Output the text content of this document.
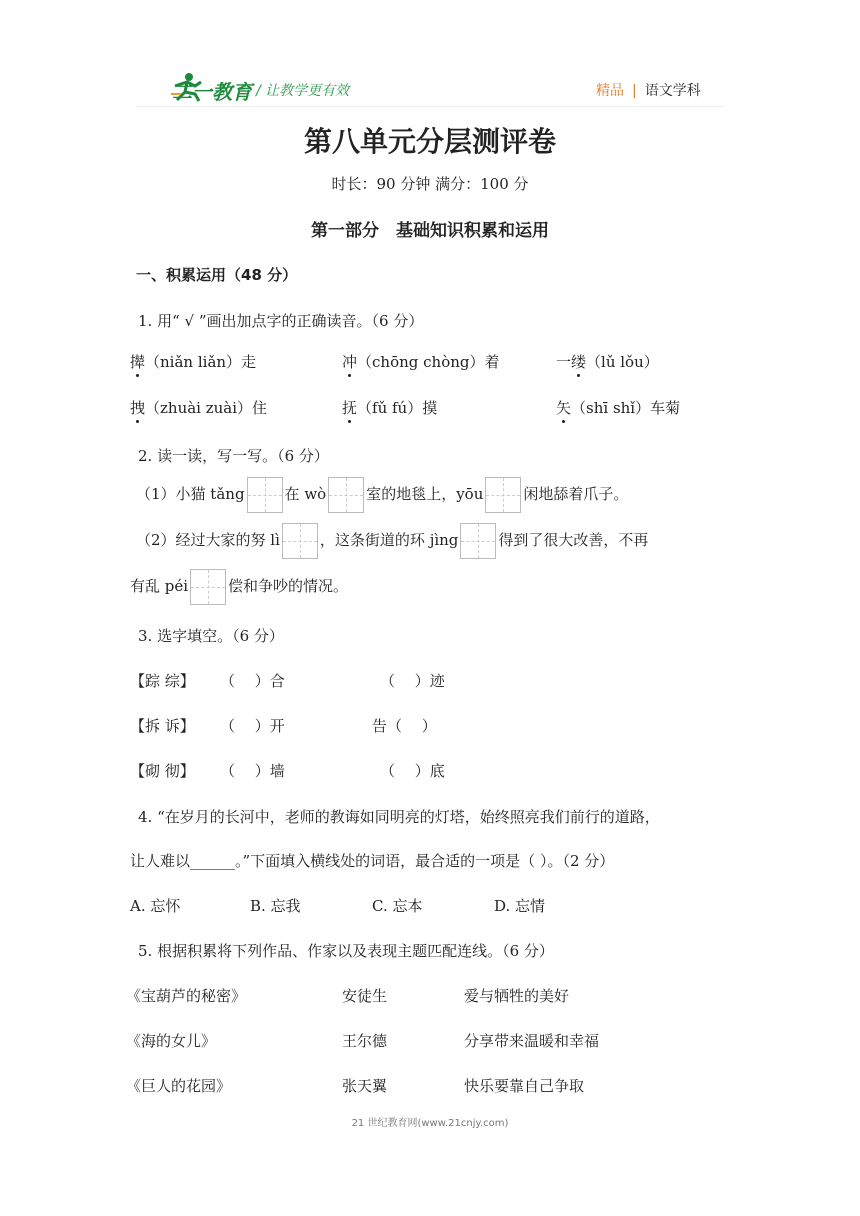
二一教育 / 让教学更有效	精品 | 语文学科
第八单元分层测评卷
时长：90 分钟 满分：100 分
第一部分　基础知识积累和运用
一、积累运用（48 分）
1. 用“ √ ”画出加点字的正确读音。（6 分）
撵（niǎn liǎn）走	冲（chōng chòng）着	一缕（lǔ lǒu）
拽（zhuài zuài）住	抚（fǔ fú）摸	矢（shī shǐ）车菊
2. 读一读，写一写。（6 分）
（1）小猫 tǎng	在 wò	室的地毯上，yōu	闲地舔着爪子。
（2）经过大家的努 lì	，这条街道的环 jìng	得到了很大改善，不再
有乱 péi	偿和争吵的情况。
3. 选字填空。（6 分）
【踪 综】 （　 ）合	（　 ）迹
【拆 诉】 （　 ）开	告（　 ）
【砌 彻】 （　 ）墙	（　 ）底
4. “在岁月的长河中，老师的教诲如同明亮的灯塔，始终照亮我们前行的道路，
让人难以______。”下面填入横线处的词语，最合适的一项是（ ）。（2 分）
A. 忘怀	B. 忘我	C. 忘本	D. 忘情
5. 根据积累将下列作品、作家以及表现主题匹配连线。（6 分）
《宝葫芦的秘密》	安徒生	爱与牺牲的美好
《海的女儿》	王尔德	分享带来温暖和幸福
《巨人的花园》	张天翼	快乐要靠自己争取
21 世纪教育网(www.21cnjy.com)
